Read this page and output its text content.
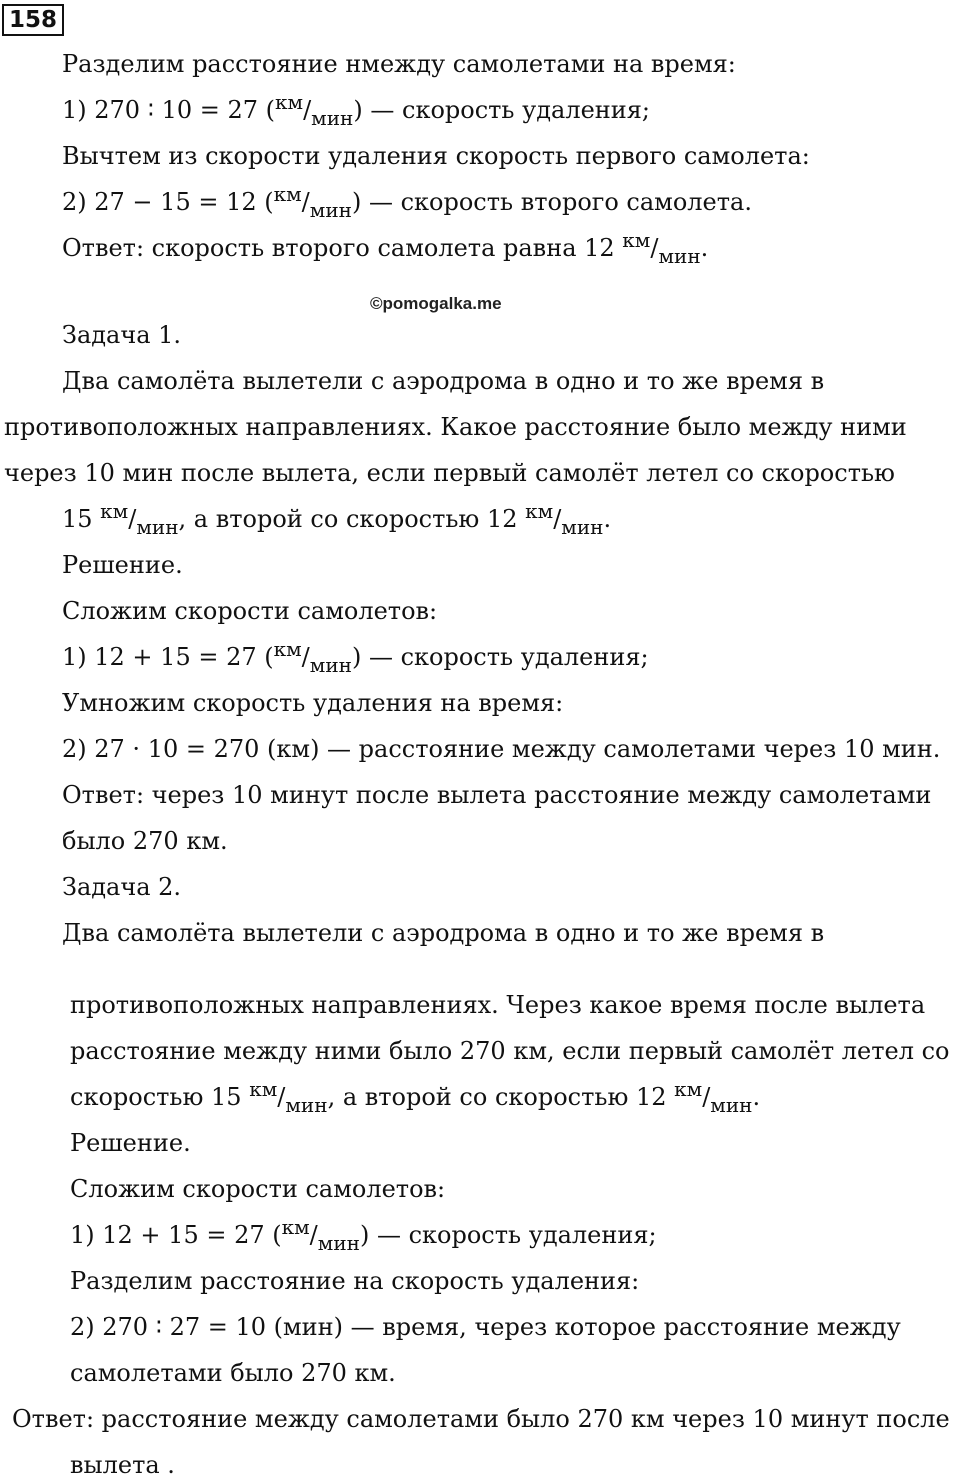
158
Разделим расстояние нмежду самолетами на время:
1) 270 ∶ 10 = 27 $(^{км}/_{мин})$ — скорость удаления;
Вычтем из скорости удаления скорость первого самолета:
2) 27 − 15 = 12 $(^{км}/_{мин})$ — скорость второго самолета.
Ответ: скорость второго самолета равна 12 $^{км}/_{мин}$.
©pomogalka.me
Задача 1.
Два самолёта вылетели с аэродрома в одно и то же время в
противоположных направлениях. Какое расстояние было между ними
через 10 мин после вылета, если первый самолёт летел со скоростью
15 $^{км}/_{мин}$, а второй со скоростью 12 $^{км}/_{мин}$.
Решение.
Сложим скорости самолетов:
1) 12 + 15 = 27 $(^{км}/_{мин})$ — скорость удаления;
Умножим скорость удаления на время:
2) 27 · 10 = 270 (км) — расстояние между самолетами через 10 мин.
Ответ: через 10 минут после вылета расстояние между самолетами
было 270 км.
Задача 2.
Два самолёта вылетели с аэродрома в одно и то же время в
противоположных направлениях. Через какое время после вылета
расстояние между ними было 270 км, если первый самолёт летел со
скоростью 15 $^{км}/_{мин}$, а второй со скоростью 12 $^{км}/_{мин}$.
Решение.
Сложим скорости самолетов:
1) 12 + 15 = 27 $(^{км}/_{мин})$ — скорость удаления;
Разделим расстояние на скорость удаления:
2) 270 ∶ 27 = 10 (мин) — время, через которое расстояние между
самолетами было 270 км.
Ответ: расстояние между самолетами было 270 км через 10 минут после
вылета .
